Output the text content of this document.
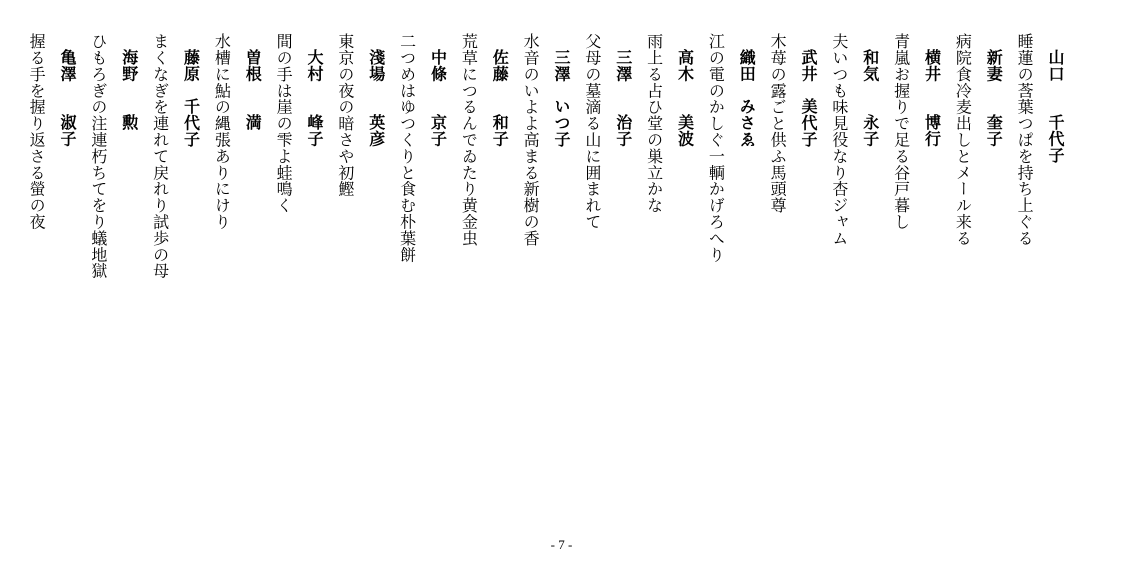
山口　千代子
睡蓮の莟葉つぱを持ち上ぐる
新妻　奎子
病院食冷麦出しとメール来る
横井　博行
青嵐お握りで足る谷戸暮し
和気　永子
夫いつも味見役なり杏ジャム
武井美代子
木苺の露ごと供ふ馬頭尊
織田みさゑ
江の電のかしぐ一輌かげろへり
高木　美波
雨上る占ひ堂の巣立かな
三澤　治子
父母の墓滴る山に囲まれて
三澤いつ子
水音のいよよ高まる新樹の香
佐藤　和子
荒草につるんでゐたり黄金虫
中條　京子
二つめはゆつくりと食む朴葉餅
淺場　英彦
東京の夜の暗さや初鰹
大村　峰子
間の手は崖の雫よ蛙鳴く
曽根　満
水槽に鮎の縄張ありにけり
藤原千代子
まくなぎを連れて戻れり試歩の母
海野　勲
ひもろぎの注連朽ちてをり蟻地獄
亀澤　淑子
握る手を握り返さる螢の夜
- 7 -
